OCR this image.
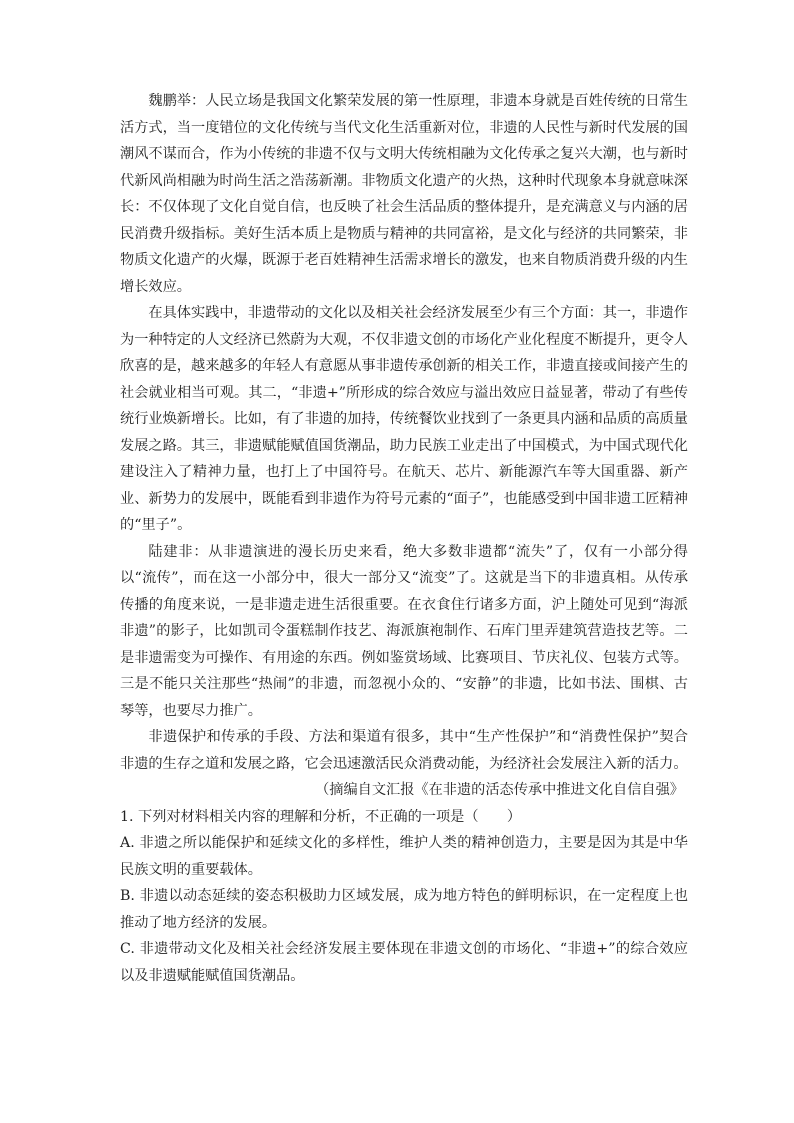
魏鹏举：人民立场是我国文化繁荣发展的第一性原理，非遗本身就是百姓传统的日常生活方式，当一度错位的文化传统与当代文化生活重新对位，非遗的人民性与新时代发展的国潮风不谋而合，作为小传统的非遗不仅与文明大传统相融为文化传承之复兴大潮，也与新时代新风尚相融为时尚生活之浩荡新潮。非物质文化遗产的火热，这种时代现象本身就意味深长：不仅体现了文化自觉自信，也反映了社会生活品质的整体提升，是充满意义与内涵的居民消费升级指标。美好生活本质上是物质与精神的共同富裕，是文化与经济的共同繁荣，非物质文化遗产的火爆，既源于老百姓精神生活需求增长的激发，也来自物质消费升级的内生增长效应。

在具体实践中，非遗带动的文化以及相关社会经济发展至少有三个方面：其一，非遗作为一种特定的人文经济已然蔚为大观，不仅非遗文创的市场化产业化程度不断提升，更令人欣喜的是，越来越多的年轻人有意愿从事非遗传承创新的相关工作，非遗直接或间接产生的社会就业相当可观。其二，“非遗+”所形成的综合效应与溢出效应日益显著，带动了有些传统行业焕新增长。比如，有了非遗的加持，传统餐饮业找到了一条更具内涵和品质的高质量发展之路。其三，非遗赋能赋值国货潮品，助力民族工业走出了中国模式，为中国式现代化建设注入了精神力量，也打上了中国符号。在航天、芯片、新能源汽车等大国重器、新产业、新势力的发展中，既能看到非遗作为符号元素的“面子”，也能感受到中国非遗工匠精神的“里子”。

陆建非：从非遗演进的漫长历史来看，绝大多数非遗都“流失”了，仅有一小部分得以“流传”，而在这一小部分中，很大一部分又“流变”了。这就是当下的非遗真相。从传承传播的角度来说，一是非遗走进生活很重要。在衣食住行诸多方面，沪上随处可见到“海派非遗”的影子，比如凯司令蛋糕制作技艺、海派旗袍制作、石库门里弄建筑营造技艺等。二是非遗需变为可操作、有用途的东西。例如鉴赏场域、比赛项目、节庆礼仪、包装方式等。三是不能只关注那些“热闹”的非遗，而忽视小众的、“安静”的非遗，比如书法、围棋、古琴等，也要尽力推广。

非遗保护和传承的手段、方法和渠道有很多，其中“生产性保护”和“消费性保护”契合非遗的生存之道和发展之路，它会迅速激活民众消费动能，为经济社会发展注入新的活力。

（摘编自文汇报《在非遗的活态传承中推进文化自信自强》

1. 下列对材料相关内容的理解和分析，不正确的一项是（　　）

A. 非遗之所以能保护和延续文化的多样性，维护人类的精神创造力，主要是因为其是中华民族文明的重要载体。

B. 非遗以动态延续的姿态积极助力区域发展，成为地方特色的鲜明标识，在一定程度上也推动了地方经济的发展。

C. 非遗带动文化及相关社会经济发展主要体现在非遗文创的市场化、“非遗+”的综合效应以及非遗赋能赋值国货潮品。
